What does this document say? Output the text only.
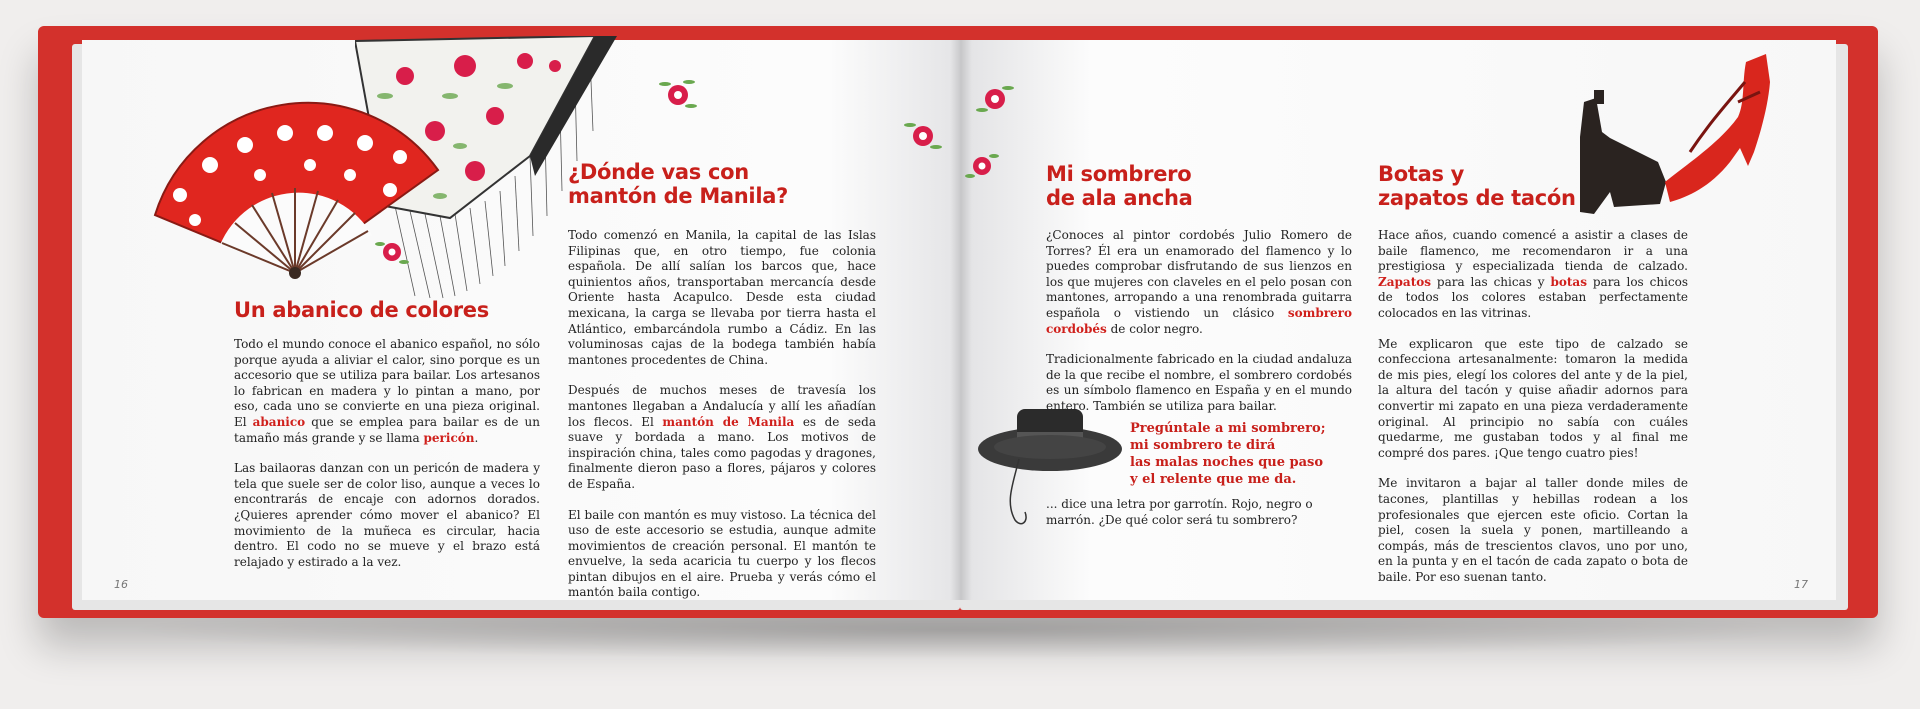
Un abanico de colores

Todo el mundo conoce el abanico español, no sólo porque ayuda a aliviar el calor, sino porque es un accesorio que se utiliza para bailar. Los artesanos lo fabrican en madera y lo pintan a mano, por eso, cada uno se convierte en una pieza original. El abanico que se emplea para bailar es de un tamaño más grande y se llama pericón.

Las bailaoras danzan con un pericón de madera y tela que suele ser de color liso, aunque a veces lo encontrarás de encaje con adornos dorados. ¿Quieres aprender cómo mover el abanico? El movimiento de la muñeca es circular, hacia dentro. El codo no se mueve y el brazo está relajado y estirado a la vez.

¿Dónde vas con
mantón de Manila?

Todo comenzó en Manila, la capital de las Islas Filipinas que, en otro tiempo, fue colonia española. De allí salían los barcos que, hace quinientos años, transportaban mercancía desde Oriente hasta Acapulco. Desde esta ciudad mexicana, la carga se llevaba por tierra hasta el Atlántico, embarcándola rumbo a Cádiz. En las voluminosas cajas de la bodega también había mantones procedentes de China.

Después de muchos meses de travesía los mantones llegaban a Andalucía y allí les añadían los flecos. El mantón de Manila es de seda suave y bordada a mano. Los motivos de inspiración china, tales como pagodas y dragones, finalmente dieron paso a flores, pájaros y colores de España.

El baile con mantón es muy vistoso. La técnica del uso de este accesorio se estudia, aunque admite movimientos de creación personal. El mantón te envuelve, la seda acaricia tu cuerpo y los flecos pintan dibujos en el aire. Prueba y verás cómo el mantón baila contigo.

16
Mi sombrero
de ala ancha

¿Conoces al pintor cordobés Julio Romero de Torres? Él era un enamorado del flamenco y lo puedes comprobar disfrutando de sus lienzos en los que mujeres con claveles en el pelo posan con mantones, arropando a una renombrada guitarra española o vistiendo un clásico sombrero cordobés de color negro.

Tradicionalmente fabricado en la ciudad andaluza de la que recibe el nombre, el sombrero cordobés es un símbolo flamenco en España y en el mundo entero. También se utiliza para bailar.

Pregúntale a mi sombrero;
mi sombrero te dirá
las malas noches que paso
y el relente que me da.
... dice una letra por garrotín. Rojo, negro o marrón. ¿De qué color será tu sombrero?
Botas y
zapatos de tacón

Hace años, cuando comencé a asistir a clases de baile flamenco, me recomendaron ir a una prestigiosa y especializada tienda de calzado. Zapatos para las chicas y botas para los chicos de todos los colores estaban perfectamente colocados en las vitrinas.

Me explicaron que este tipo de calzado se confecciona artesanalmente: tomaron la medida de mis pies, elegí los colores del ante y de la piel, la altura del tacón y quise añadir adornos para convertir mi zapato en una pieza verdaderamente original. Al principio no sabía con cuáles quedarme, me gustaban todos y al final me compré dos pares. ¡Que tengo cuatro pies!

Me invitaron a bajar al taller donde miles de tacones, plantillas y hebillas rodean a los profesionales que ejercen este oficio. Cortan la piel, cosen la suela y ponen, martilleando a compás, más de trescientos clavos, uno por uno, en la punta y en el tacón de cada zapato o bota de baile. Por eso suenan tanto.

17
